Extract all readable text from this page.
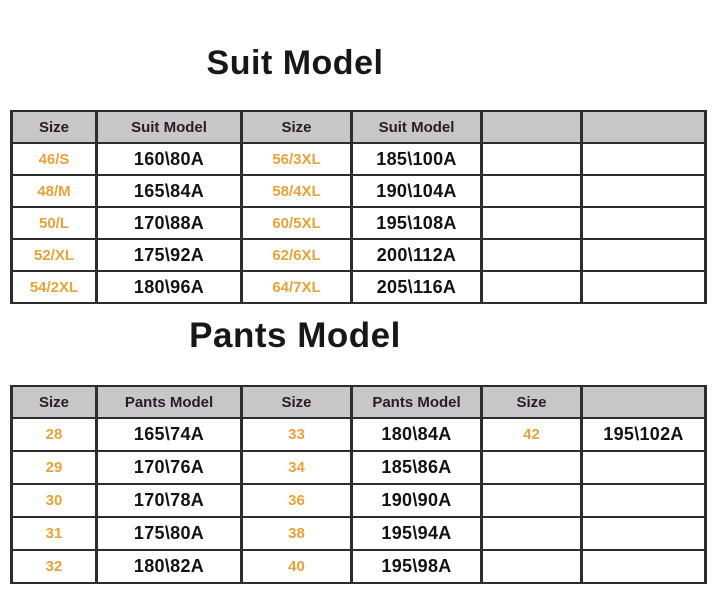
Suit Model
Size	Suit Model	Size	Suit Model		
46/S	160\80A	56/3XL	185\100A		
48/M	165\84A	58/4XL	190\104A		
50/L	170\88A	60/5XL	195\108A		
52/XL	175\92A	62/6XL	200\112A		
54/2XL	180\96A	64/7XL	205\116A		
Pants Model
Size	Pants Model	Size	Pants Model	Size	
28	165\74A	33	180\84A	42	195\102A
29	170\76A	34	185\86A		
30	170\78A	36	190\90A		
31	175\80A	38	195\94A		
32	180\82A	40	195\98A		
